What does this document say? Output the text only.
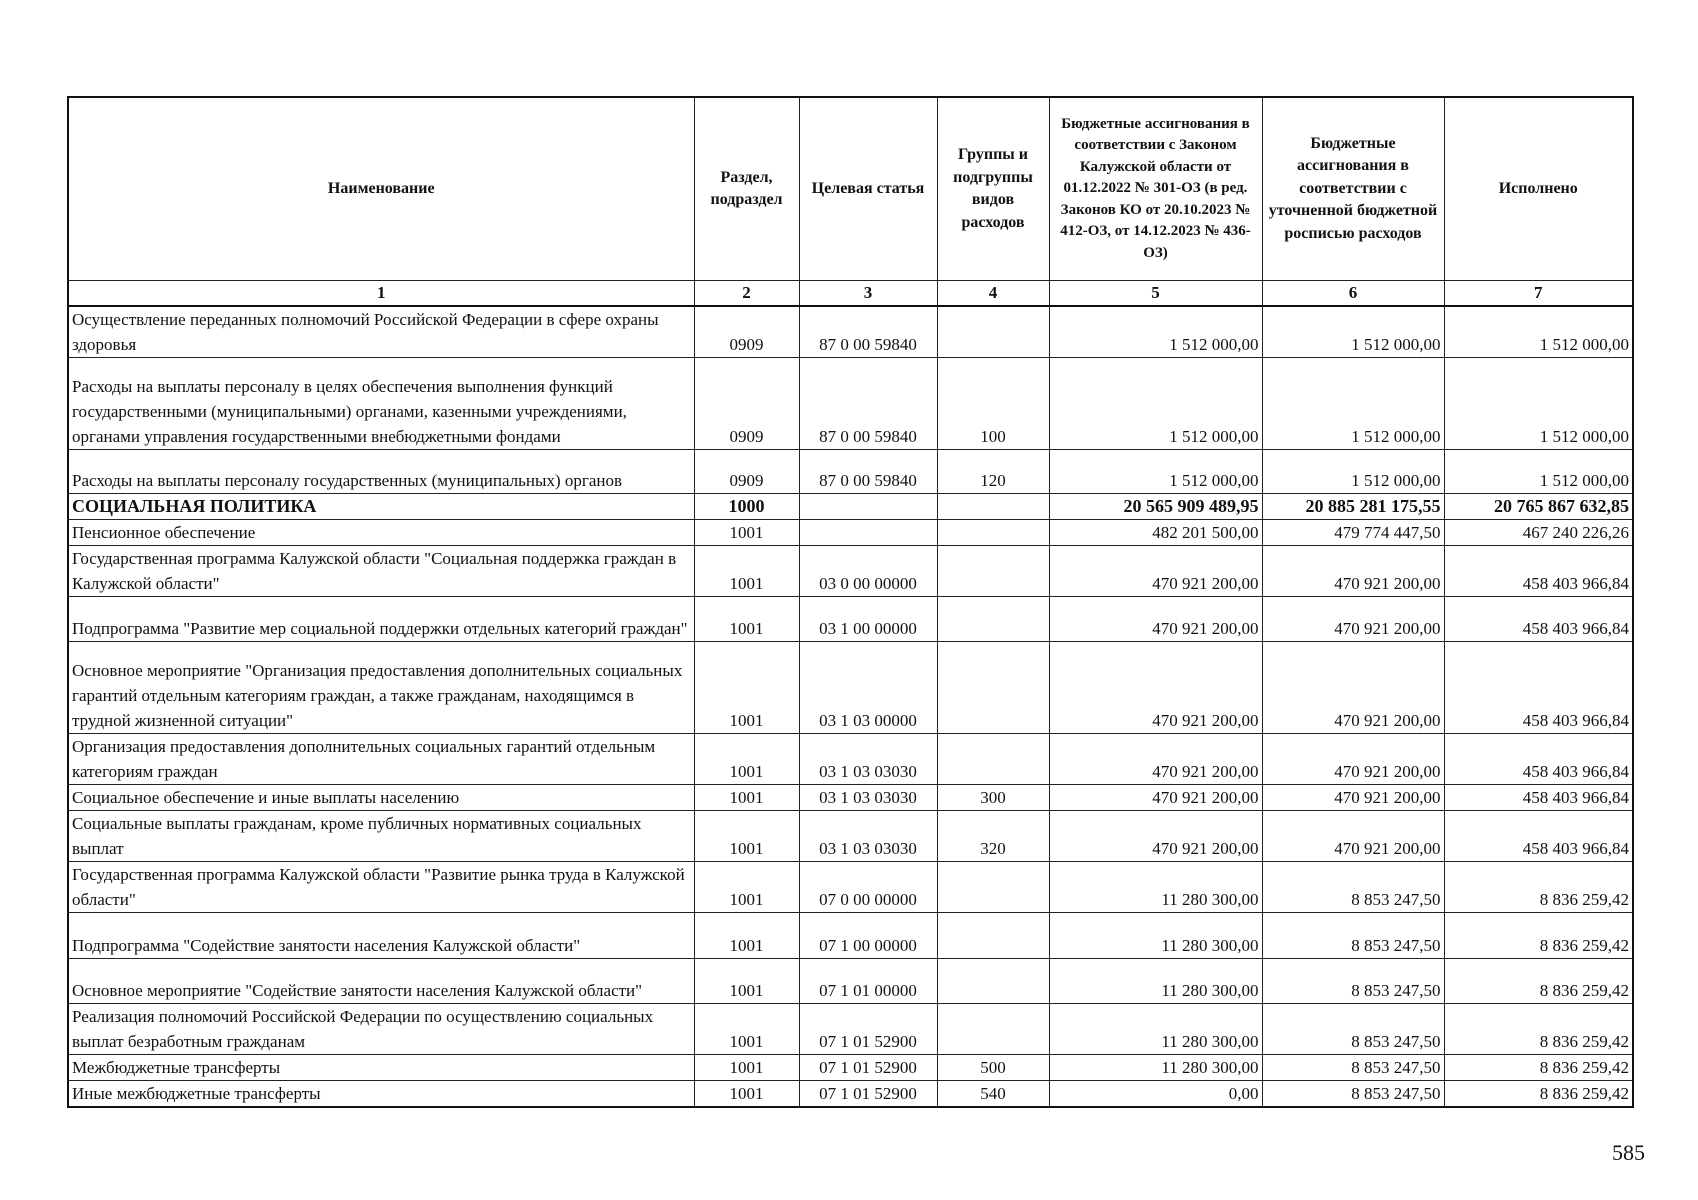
Наименование	Раздел, подраздел	Целевая статья	Группы и подгруппы видов расходов	Бюджетные ассигнования в соответствии с Законом Калужской области от 01.12.2022 № 301-ОЗ (в ред. Законов КО от 20.10.2023 № 412-ОЗ, от 14.12.2023 № 436-ОЗ)	Бюджетные ассигнования в соответствии с уточненной бюджетной росписью расходов	Исполнено
1	2	3	4	5	6	7
Осуществление переданных полномочий Российской Федерации в сфере охраны здоровья	0909	87 0 00 59840		1 512 000,00	1 512 000,00	1 512 000,00
Расходы на выплаты персоналу в целях обеспечения выполнения функций государственными (муниципальными) органами, казенными учреждениями, органами управления государственными внебюджетными фондами	0909	87 0 00 59840	100	1 512 000,00	1 512 000,00	1 512 000,00
Расходы на выплаты персоналу государственных (муниципальных) органов	0909	87 0 00 59840	120	1 512 000,00	1 512 000,00	1 512 000,00
СОЦИАЛЬНАЯ ПОЛИТИКА	1000			20 565 909 489,95	20 885 281 175,55	20 765 867 632,85
Пенсионное обеспечение	1001			482 201 500,00	479 774 447,50	467 240 226,26
Государственная программа Калужской области "Социальная поддержка граждан в Калужской области"	1001	03 0 00 00000		470 921 200,00	470 921 200,00	458 403 966,84
Подпрограмма "Развитие мер социальной поддержки отдельных категорий граждан"	1001	03 1 00 00000		470 921 200,00	470 921 200,00	458 403 966,84
Основное мероприятие "Организация предоставления дополнительных социальных гарантий отдельным категориям граждан, а также гражданам, находящимся в трудной жизненной ситуации"	1001	03 1 03 00000		470 921 200,00	470 921 200,00	458 403 966,84
Организация предоставления дополнительных социальных гарантий отдельным категориям граждан	1001	03 1 03 03030		470 921 200,00	470 921 200,00	458 403 966,84
Социальное обеспечение и иные выплаты населению	1001	03 1 03 03030	300	470 921 200,00	470 921 200,00	458 403 966,84
Социальные выплаты гражданам, кроме публичных нормативных социальных выплат	1001	03 1 03 03030	320	470 921 200,00	470 921 200,00	458 403 966,84
Государственная программа Калужской области "Развитие рынка труда в Калужской области"	1001	07 0 00 00000		11 280 300,00	8 853 247,50	8 836 259,42
Подпрограмма "Содействие занятости населения Калужской области"	1001	07 1 00 00000		11 280 300,00	8 853 247,50	8 836 259,42
Основное мероприятие "Содействие занятости населения Калужской области"	1001	07 1 01 00000		11 280 300,00	8 853 247,50	8 836 259,42
Реализация полномочий Российской Федерации по осуществлению социальных выплат безработным гражданам	1001	07 1 01 52900		11 280 300,00	8 853 247,50	8 836 259,42
Межбюджетные трансферты	1001	07 1 01 52900	500	11 280 300,00	8 853 247,50	8 836 259,42
Иные межбюджетные трансферты	1001	07 1 01 52900	540	0,00	8 853 247,50	8 836 259,42
585
